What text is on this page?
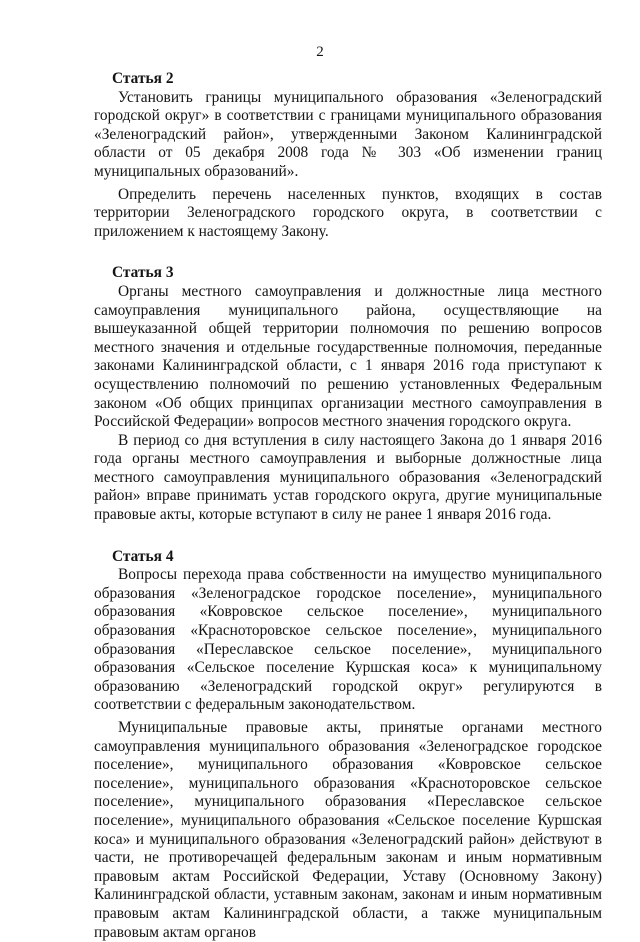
2

Статья 2

Установить границы муниципального образования «Зеленоградский городской округ» в соответствии с границами муниципального образования «Зеленоградский район», утвержденными Законом Калининградской области от 05 декабря 2008 года № 303 «Об изменении границ муниципальных образований».

Определить перечень населенных пунктов, входящих в состав территории Зеленоградского городского округа, в соответствии с приложением к настоящему Закону.

Статья 3

Органы местного самоуправления и должностные лица местного самоуправления муниципального района, осуществляющие на вышеуказанной общей территории полномочия по решению вопросов местного значения и отдельные государственные полномочия, переданные законами Калининградской области, с 1 января 2016 года приступают к осуществлению полномочий по решению установленных Федеральным законом «Об общих принципах организации местного самоуправления в Российской Федерации» вопросов местного значения городского округа.

В период со дня вступления в силу настоящего Закона до 1 января 2016 года органы местного самоуправления и выборные должностные лица местного самоуправления муниципального образования «Зеленоградский район» вправе принимать устав городского округа, другие муниципальные правовые акты, которые вступают в силу не ранее 1 января 2016 года.

Статья 4

Вопросы перехода права собственности на имущество муниципального образования «Зеленоградское городское поселение», муниципального образования «Ковровское сельское поселение», муниципального образования «Красноторовское сельское поселение», муниципального образования «Переславское сельское поселение», муниципального образования «Сельское поселение Куршская коса» к муниципальному образованию «Зеленоградский городской округ» регулируются в соответствии с федеральным законодательством.

Муниципальные правовые акты, принятые органами местного самоуправления муниципального образования «Зеленоградское городское поселение», муниципального образования «Ковровское сельское поселение», муниципального образования «Красноторовское сельское поселение», муниципального образования «Переславское сельское поселение», муниципального образования «Сельское поселение Куршская коса» и муниципального образования «Зеленоградский район» действуют в части, не противоречащей федеральным законам и иным нормативным правовым актам Российской Федерации, Уставу (Основному Закону) Калининградской области, уставным законам, законам и иным нормативным правовым актам Калининградской области, а также муниципальным правовым актам органов
